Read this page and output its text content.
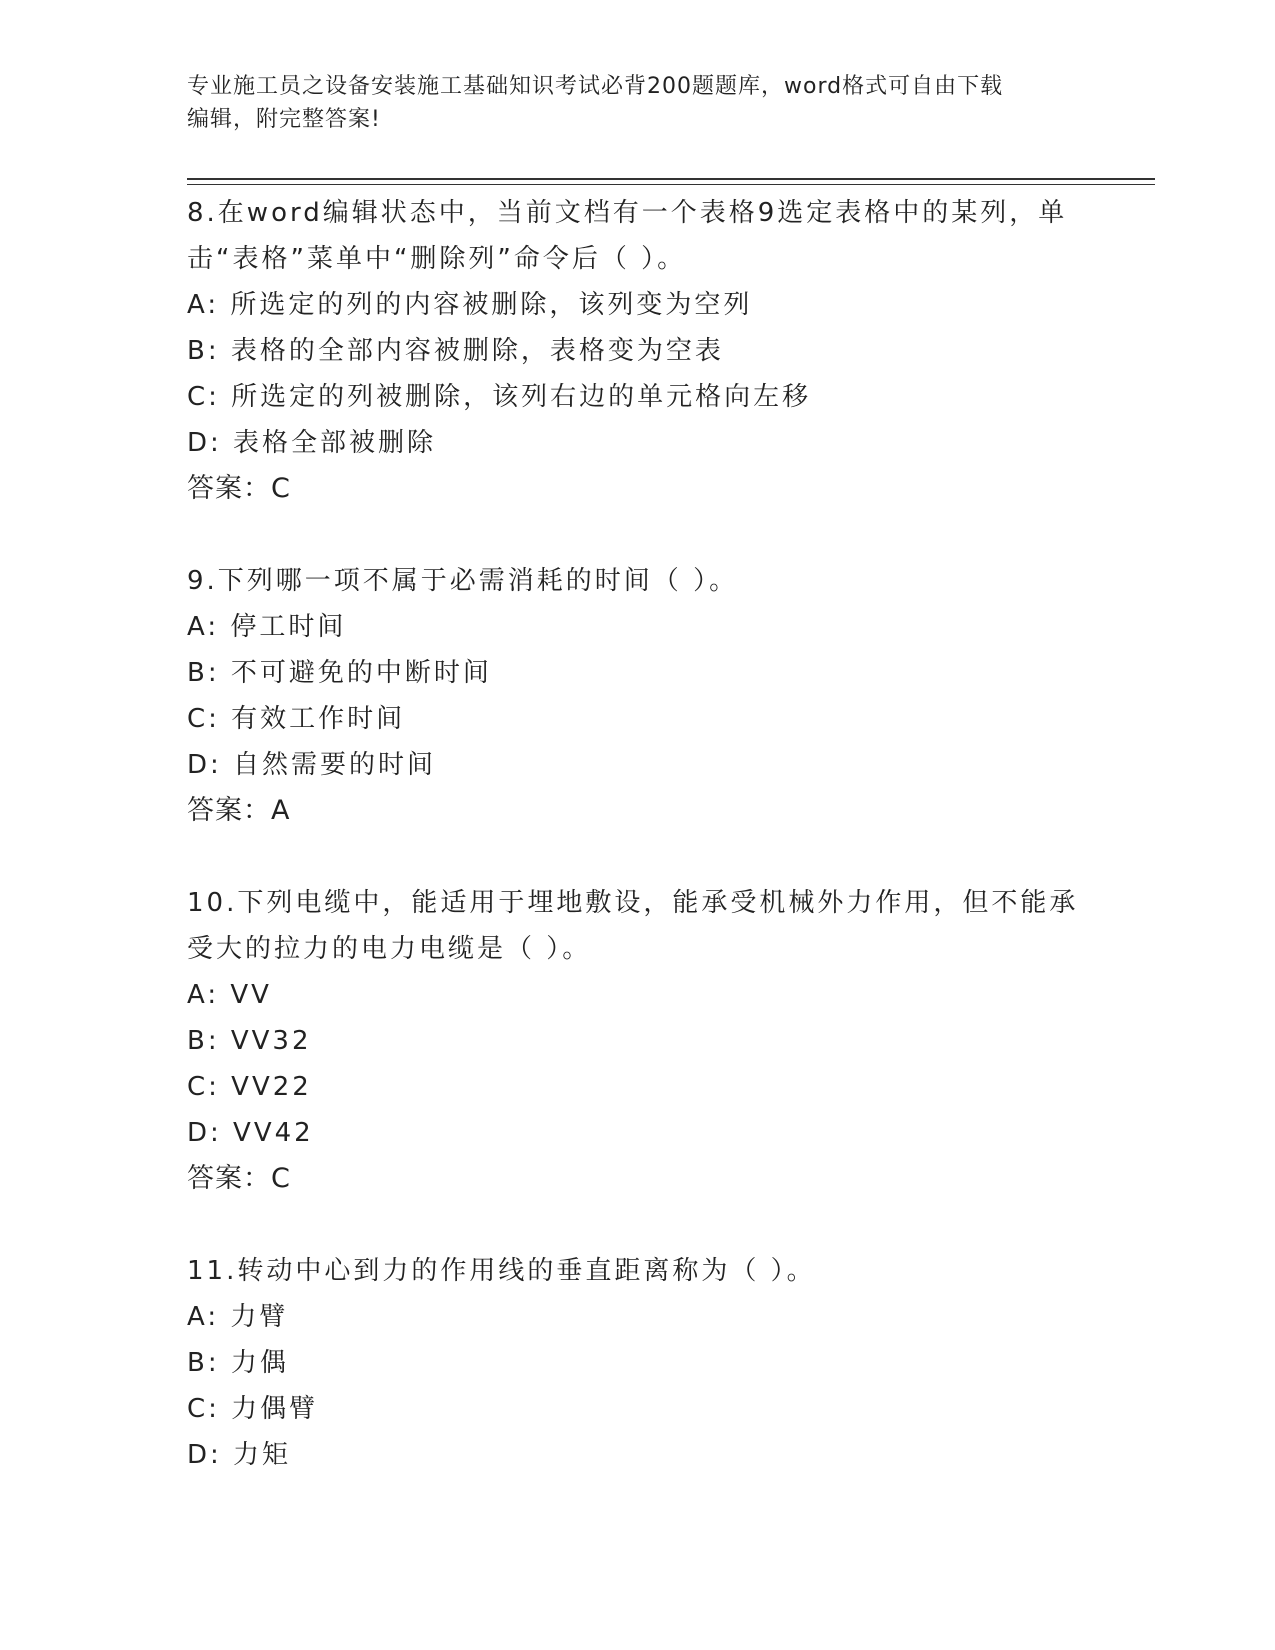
专业施工员之设备安装施工基础知识考试必背200题题库，word格式可自由下载
编辑，附完整答案!
8.在word编辑状态中，当前文档有一个表格9选定表格中的某列，单击“表格”菜单中“删除列”命令后（ ）。
A: 所选定的列的内容被删除，该列变为空列
B: 表格的全部内容被删除，表格变为空表
C: 所选定的列被删除，该列右边的单元格向左移
D: 表格全部被删除
答案：C
9.下列哪一项不属于必需消耗的时间（ ）。
A: 停工时间
B: 不可避免的中断时间
C: 有效工作时间
D: 自然需要的时间
答案：A
10.下列电缆中，能适用于埋地敷设，能承受机械外力作用，但不能承受大的拉力的电力电缆是（ ）。
A: VV
B: VV32
C: VV22
D: VV42
答案：C
11.转动中心到力的作用线的垂直距离称为（ ）。
A: 力臂
B: 力偶
C: 力偶臂
D: 力矩
